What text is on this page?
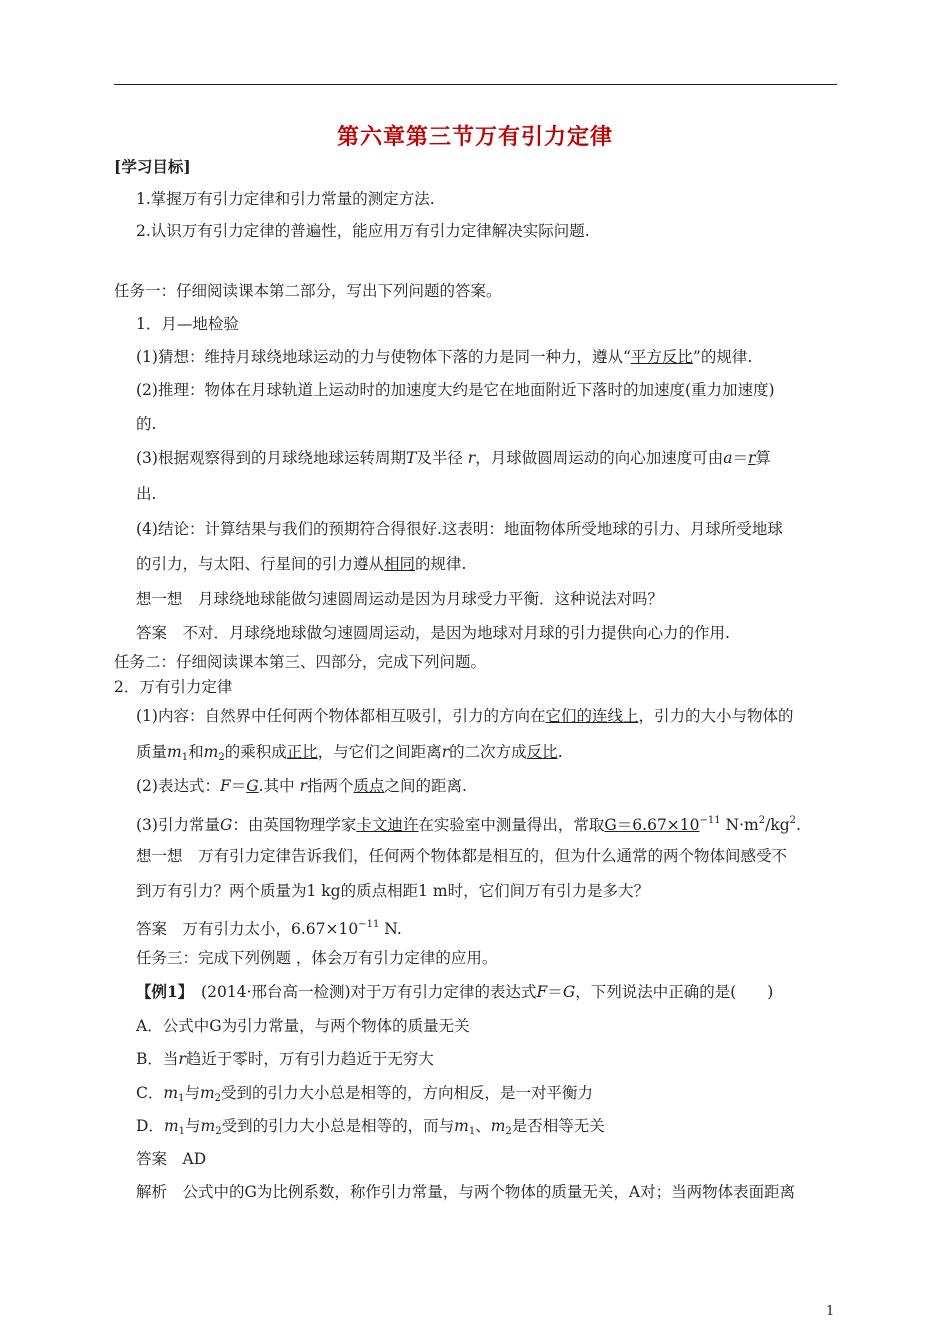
第六章第三节万有引力定律
[学习目标]
1.掌握万有引力定律和引力常量的测定方法.
2.认识万有引力定律的普遍性，能应用万有引力定律解决实际问题.
任务一：仔细阅读课本第二部分，写出下列问题的答案。
1．月—地检验
(1)猜想：维持月球绕地球运动的力与使物体下落的力是同一种力，遵从“平方反比”的规律.
(2)推理：物体在月球轨道上运动时的加速度大约是它在地面附近下落时的加速度(重力加速度)
的.
(3)根据观察得到的月球绕地球运转周期T及半径 r，月球做圆周运动的向心加速度可由a＝r算
出.
(4)结论：计算结果与我们的预期符合得很好.这表明：地面物体所受地球的引力、月球所受地球
的引力，与太阳、行星间的引力遵从相同的规律.
想一想　月球绕地球能做匀速圆周运动是因为月球受力平衡．这种说法对吗？
答案　不对．月球绕地球做匀速圆周运动，是因为地球对月球的引力提供向心力的作用.
任务二：仔细阅读课本第三、四部分，完成下列问题。
2．万有引力定律
(1)内容：自然界中任何两个物体都相互吸引，引力的方向在它们的连线上，引力的大小与物体的
质量$m_1$和$m_2$的乘积成正比，与它们之间距离r的二次方成反比.
(2)表达式：F＝G.其中 r指两个质点之间的距离.
(3)引力常量G：由英国物理学家卡文迪许在实验室中测量得出，常取$G=6.67\times 10^{-11}$ $N\cdot m^2/kg^2$.
想一想　万有引力定律告诉我们，任何两个物体都是相互的，但为什么通常的两个物体间感受不
到万有引力？两个质量为1 kg的质点相距1 m时，它们间万有引力是多大？
答案　万有引力太小，$6.67\times 10^{-11}$ N.
任务三：完成下列例题 ，体会万有引力定律的应用。
【例1】　(2014·邢台高一检测)对于万有引力定律的表达式F＝G，下列说法中正确的是(　　)
A．公式中G为引力常量，与两个物体的质量无关
B．当r趋近于零时，万有引力趋近于无穷大
C．$m_1$与$m_2$受到的引力大小总是相等的，方向相反，是一对平衡力
D．$m_1$与$m_2$受到的引力大小总是相等的，而与$m_1$、$m_2$是否相等无关
答案　AD
解析　公式中的G为比例系数，称作引力常量，与两个物体的质量无关，A对；当两物体表面距离
1
